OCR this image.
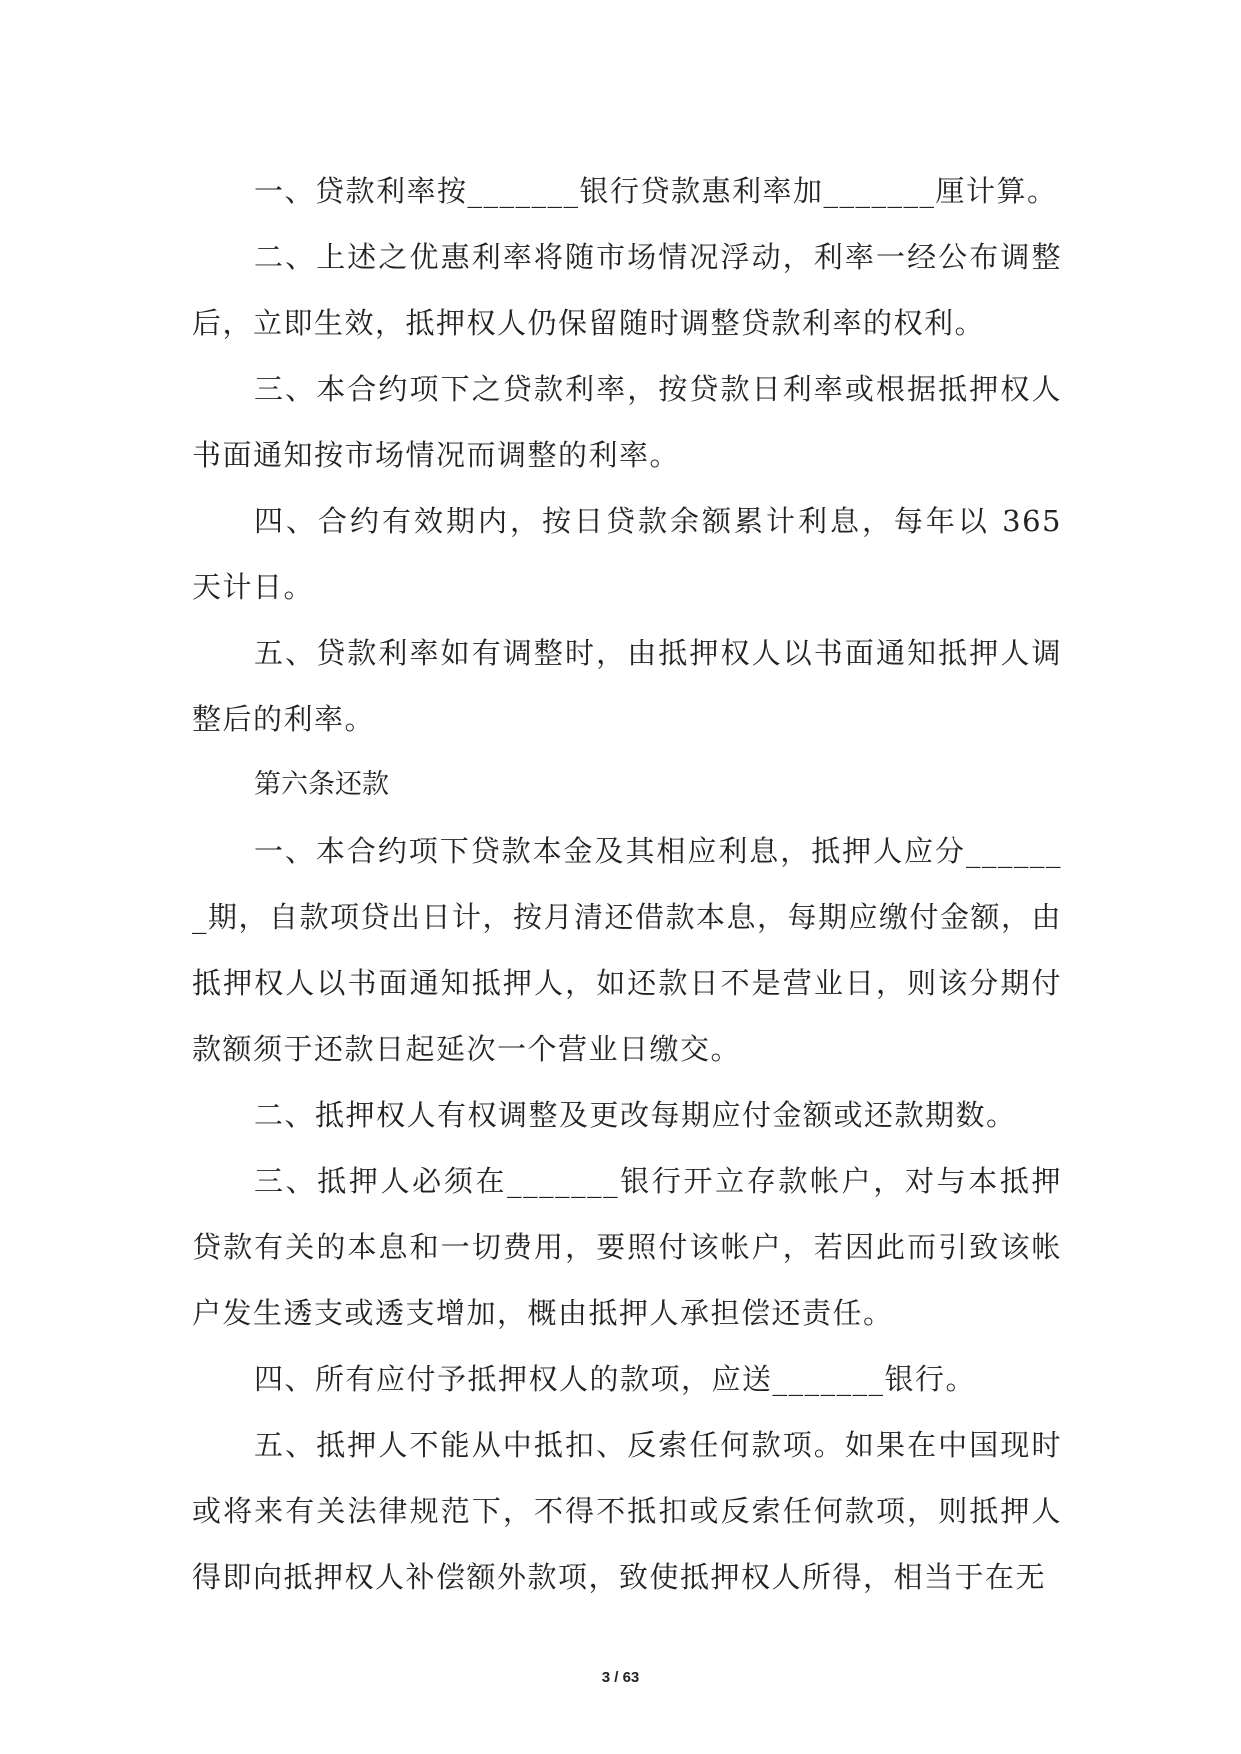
一、贷款利率按_______银行贷款惠利率加_______厘计算。

二、上述之优惠利率将随市场情况浮动，利率一经公布调整后，立即生效，抵押权人仍保留随时调整贷款利率的权利。

三、本合约项下之贷款利率，按贷款日利率或根据抵押权人书面通知按市场情况而调整的利率。

四、合约有效期内，按日贷款余额累计利息，每年以 365 天计日。

五、贷款利率如有调整时，由抵押权人以书面通知抵押人调整后的利率。

第六条还款

一、本合约项下贷款本金及其相应利息，抵押人应分_______期，自款项贷出日计，按月清还借款本息，每期应缴付金额，由抵押权人以书面通知抵押人，如还款日不是营业日，则该分期付款额须于还款日起延次一个营业日缴交。

二、抵押权人有权调整及更改每期应付金额或还款期数。

三、抵押人必须在_______银行开立存款帐户，对与本抵押贷款有关的本息和一切费用，要照付该帐户，若因此而引致该帐户发生透支或透支增加，概由抵押人承担偿还责任。

四、所有应付予抵押权人的款项，应送_______银行。

五、抵押人不能从中抵扣、反索任何款项。如果在中国现时或将来有关法律规范下，不得不抵扣或反索任何款项，则抵押人得即向抵押权人补偿额外款项，致使抵押权人所得，相当于在无

3 / 63
